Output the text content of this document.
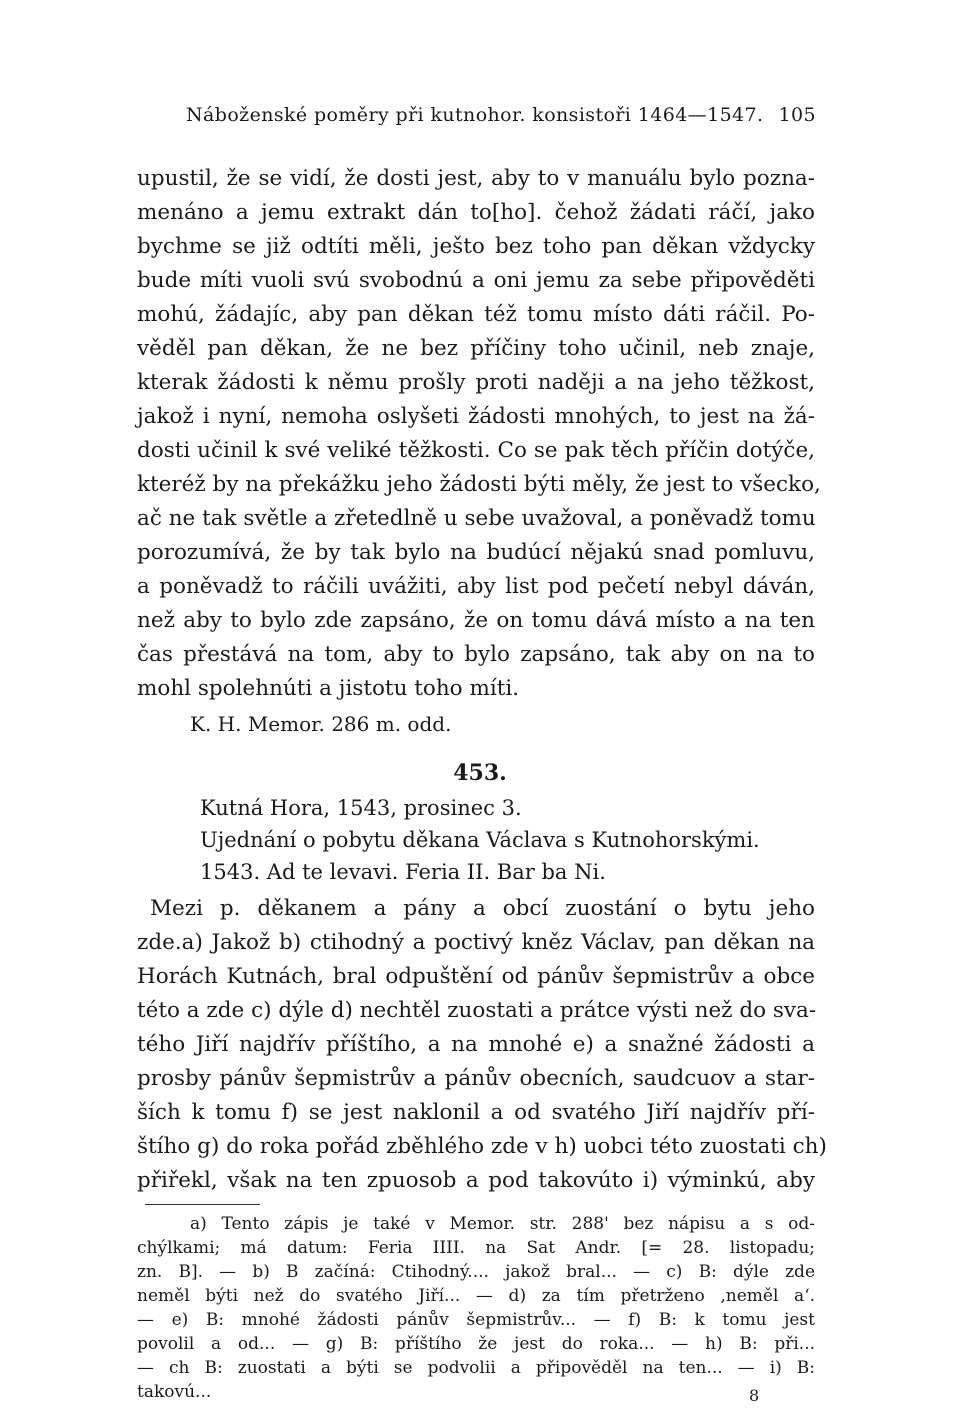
Náboženské poměry při kutnohor. konsistoři 1464—1547. 105
upustil, že se vidí, že dosti jest, aby to v manuálu bylo pozna-
menáno a jemu extrakt dán to[ho]. čehož žádati ráčí, jako
bychme se již odtíti měli, ješto bez toho pan děkan vždycky
bude míti vuoli svú svobodnú a oni jemu za sebe připověděti
mohú, žádajíc, aby pan děkan též tomu místo dáti ráčil. Po-
věděl pan děkan, že ne bez příčiny toho učinil, neb znaje,
kterak žádosti k němu prošly proti naději a na jeho těžkost,
jakož i nyní, nemoha oslyšeti žádosti mnohých, to jest na žá-
dosti učinil k své veliké těžkosti. Co se pak těch příčin dotýče,
kteréž by na překážku jeho žádosti býti měly, že jest to všecko,
ač ne tak světle a zřetedlně u sebe uvažoval, a poněvadž tomu
porozumívá, že by tak bylo na budúcí nějakú snad pomluvu,
a poněvadž to ráčili uvážiti, aby list pod pečetí nebyl dáván,
než aby to bylo zde zapsáno, že on tomu dává místo a na ten
čas přestává na tom, aby to bylo zapsáno, tak aby on na to
mohl spolehnúti a jistotu toho míti.
K. H. Memor. 286 m. odd.
453.
Kutná Hora, 1543, prosinec 3.
Ujednání o pobytu děkana Václava s Kutnohorskými.
1543. Ad te levavi. Feria II. Bar ba Ni.
Mezi p. děkanem a pány a obcí zuostání o bytu jeho
zde.a) Jakož b) ctihodný a poctivý kněz Václav, pan děkan na
Horách Kutnách, bral odpuštění od pánův šepmistrův a obce
této a zde c) dýle d) nechtěl zuostati a prátce výsti než do sva-
tého Jiří najdřív příštího, a na mnohé e) a snažné žádosti a
prosby pánův šepmistrův a pánův obecních, saudcuov a star-
ších k tomu f) se jest naklonil a od svatého Jiří najdřív pří-
štího g) do roka pořád zběhlého zde v h) uobci této zuostati ch)
přiřekl, však na ten zpuosob a pod takovúto i) výminkú, aby
a) Tento zápis je také v Memor. str. 288' bez nápisu a s od-
chýlkami; má datum: Feria IIII. na Sat Andr. [= 28. listopadu;
zn. B]. — b) B začíná: Ctihodný.... jakož bral... — c) B: dýle zde
neměl býti než do svatého Jiří... — d) za tím přetrženo ‚neměl a‘.
— e) B: mnohé žádosti pánův šepmistrův... — f) B: k tomu jest
povolil a od... — g) B: příštího že jest do roka... — h) B: při...
— ch B: zuostati a býti se podvolii a připověděl na ten... — i) B:
takovú...	8
